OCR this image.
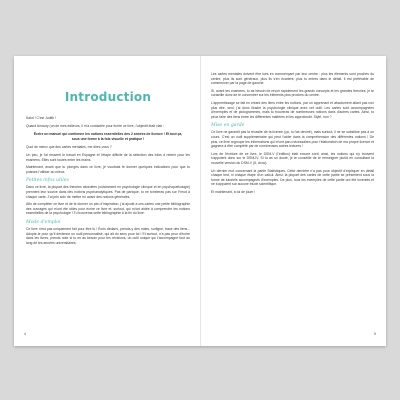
Introduction

Salut ! C'est Judith !

Quand Amaury (un de mes éditeurs, il m'a contactée pour écrire ce livre, l'objectif était clair :

Écrire un manuel qui contienne les notions essentielles des 2 années de licence ! Et tout ça, sous une forme à la fois visuelle et pratique !

Quoi de mieux que des cartes mentales, me direz-vous ?

Un peu, je l'ai ressenti le travail en Espagne et l'étape difficile de la sélection des infos à retenir pour les examens. Elles sont toutes entre les mains.

Maintenant, avant que tu plonges dans ce livre, je voudrais te donner quelques indications pour que tu puisses l'utiliser au mieux.

Petites infos utiles

Dans ce livre, la plupart des théories abordées (notamment en psychologie clinique et en psychopathologie) prennent leur source dans des notions psychanalytiques. Pas de panique, tu ne tomberas pas sur Freud à chaque carte. J'ai pris soin de mettre en avant des notions générales.

Afin de compléter ce livre et de te donner un peu d'inspiration, j'ai ajouté à ces cartes une petite bibliographie des ouvrages qui m'ont été utiles pour écrire ce livre et, surtout, qui m'ont aidée à comprendre les notions essentielles de la psychologie ! Tu trouveras cette bibliographie à la fin du livre.

Mode d'emploi

Ce livre n'est pas uniquement fait pour être lu ! Écris dedans, prends-y des notes, surligne, trace des liens... Adopte-le pour qu'il devienne un outil personnalisé, qui ait du sens pour toi ! Et surtout, n'a pas peur d'écrire dans les livres, prends note si tu en as besoin pour tes révisions, un outil unique qui t'accompagne tout au long de tes années universitaires.

4

Les cartes mentales doivent être lues en commençant par leur centre : plus les éléments sont proches du centre, plus ils sont généraux, plus ils s'en écartent, plus tu entres dans le détail. Il est préférable de commencer par la page de gauche.

Si, avant tes examens, tu as besoin de revoir rapidement les grands concepts et les grandes théories, je te conseille donc de te concentrer sur les éléments plus proches du centre.

L'apprentissage se fait en créant des liens entre les notions, par un apprenant et absolument allant pas non plus dire, seul, j'ai donc illustré la psychologie clinique avec cet outil. Les cartes sont accompagnées d'exemples et de pictogrammes, mais tu trouveras de nombreuses notions dans d'autres cartes. Ainsi, tu peux faire des liens entre les différentes matières et les approfondir. Stylé, non ?

Mise en garde

Ce livre ne garantit pas la réussite de ta licence (ça, tu l'as deviné), mais surtout, il ne se substitue pas à un cours. C'est un outil supplémentaire qui peut t'aider dans la compréhension des différentes notions ! De plus, ce livre regroupe les informations qui m'ont paru nécessaires pour l'élaboration de ma propre licence et gagnera à être complété par de nombreuses autres lectures !

Lors de l'écriture de ce livre, le DSM-V (l'édition) était encore sorti, ainsi, les notions qui s'y trouvent s'appuient donc sur le DSM-IV. Si tu as un doute, je te conseille de te renseigner plutôt en consultant la nouvelle version du DSM-V (5, donc).

Un dernier mot concernant la partie Statistiques. Cette dernière n'a pas pour objectif d'expliquer en détail chaque test, ni chaque étape d'un calcul. Ainsi, la plupart des cartes de cette partie se présentent sous la forme de tutoriels accompagnés d'exemples. De plus, tous les exemples de cette partie ont été inventés et ne s'appuient sur aucune étude scientifique.

Et maintenant, à toi de jouer !

5
